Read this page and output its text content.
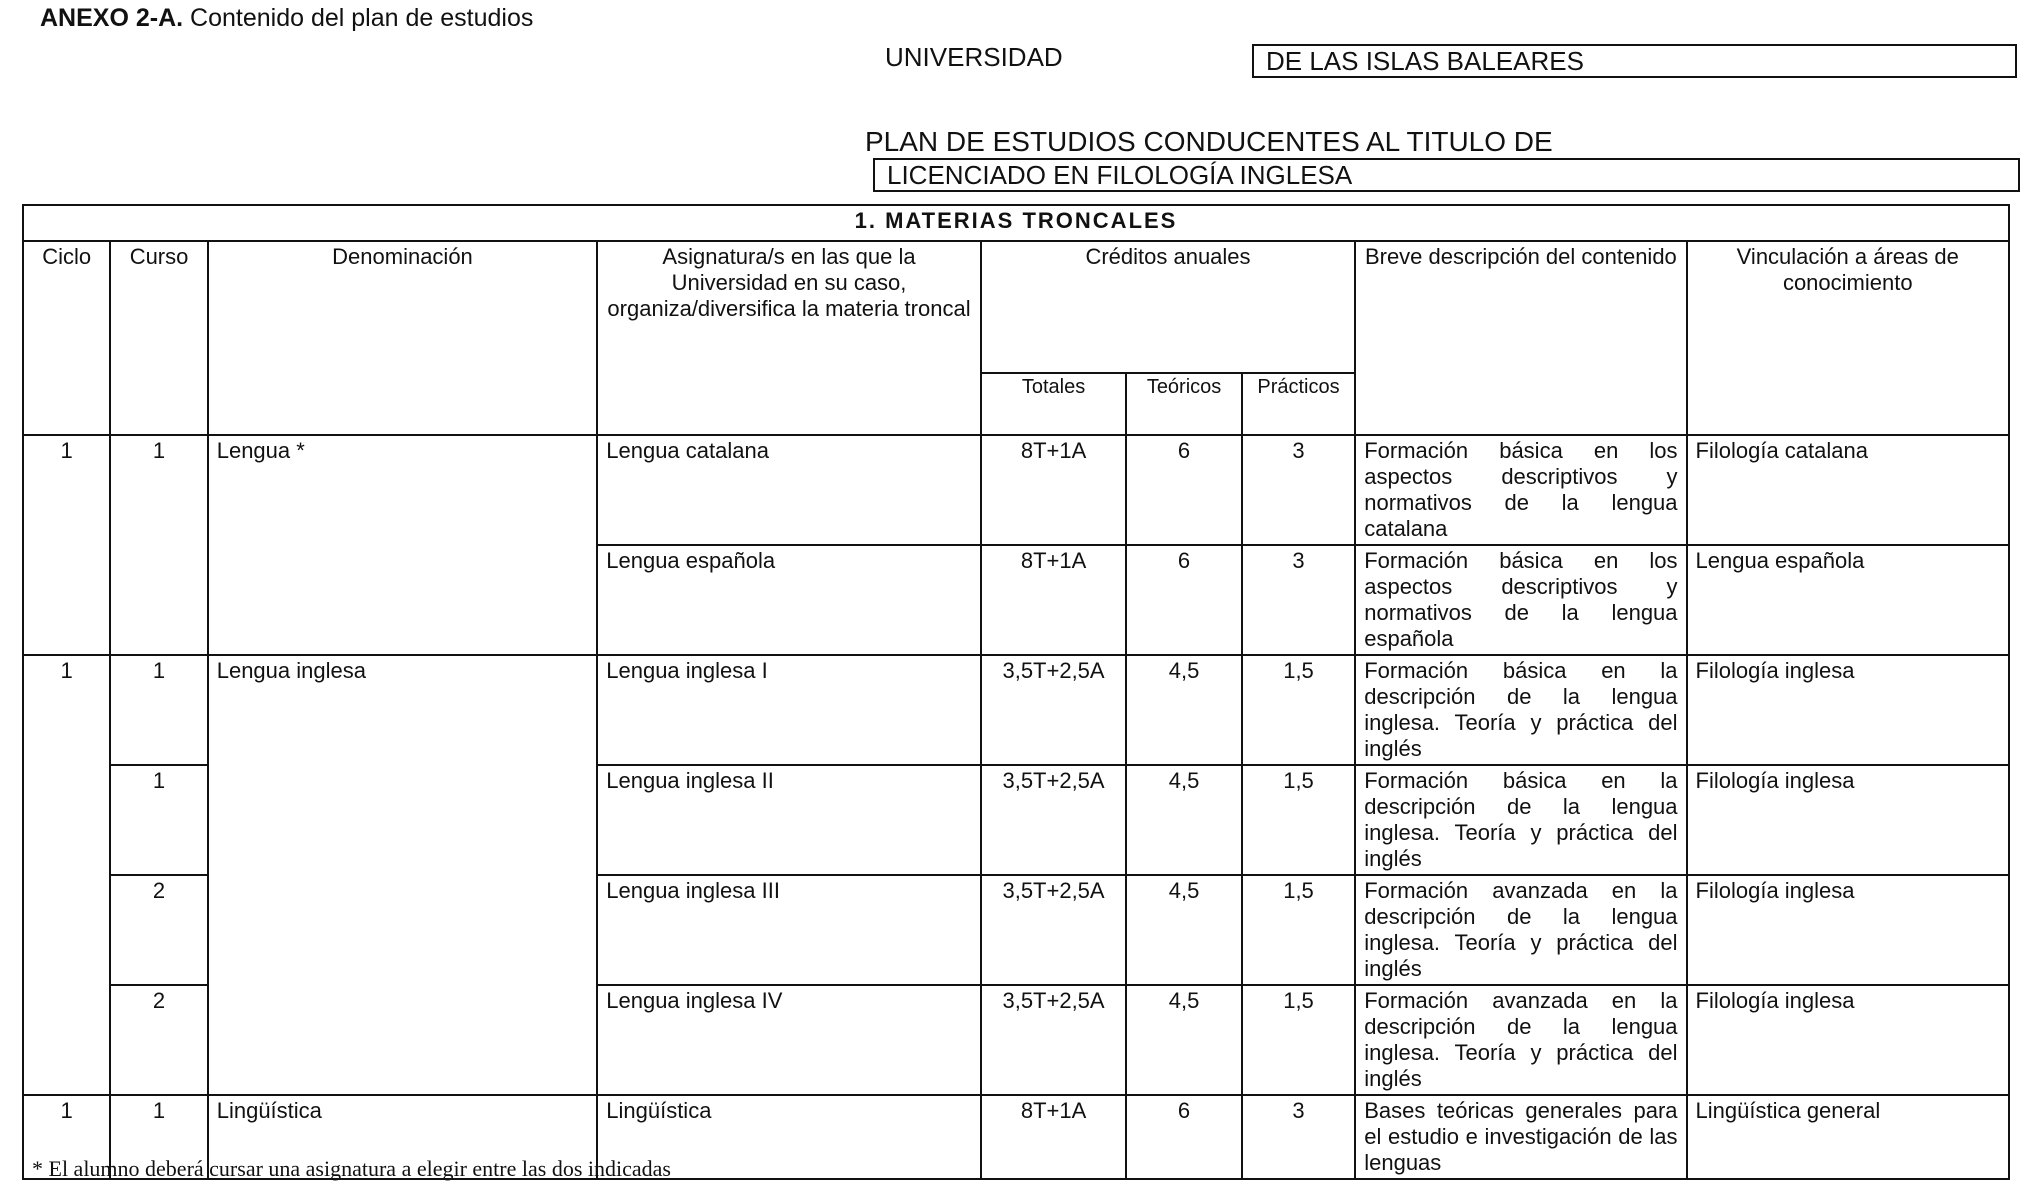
ANEXO 2-A. Contenido del plan de estudios
UNIVERSIDAD	DE LAS ISLAS BALEARES
PLAN DE ESTUDIOS CONDUCENTES AL TITULO DE
LICENCIADO EN FILOLOGÍA INGLESA
1. MATERIAS TRONCALES								
Ciclo	Curso	Denominación	Asignatura/s en las que la Universidad en su caso, organiza/diversifica la materia troncal	Créditos anuales			Breve descripción del contenido	Vinculación a áreas de conocimiento
				Totales	Teóricos	Prácticos		
1	1	Lengua *	Lengua catalana	8T+1A	6	3	Formación básica en los aspectos descriptivos y normativos de la lengua catalana	Filología catalana
			Lengua española	8T+1A	6	3	Formación básica en los aspectos descriptivos y normativos de la lengua española	Lengua española
1	1	Lengua inglesa	Lengua inglesa I	3,5T+2,5A	4,5	1,5	Formación básica en la descripción de la lengua inglesa. Teoría y práctica del inglés	Filología inglesa
	1		Lengua inglesa II	3,5T+2,5A	4,5	1,5	Formación básica en la descripción de la lengua inglesa. Teoría y práctica del inglés	Filología inglesa
	2		Lengua inglesa III	3,5T+2,5A	4,5	1,5	Formación avanzada en la descripción de la lengua inglesa. Teoría y práctica del inglés	Filología inglesa
	2		Lengua inglesa IV	3,5T+2,5A	4,5	1,5	Formación avanzada en la descripción de la lengua inglesa. Teoría y práctica del inglés	Filología inglesa
1	1	Lingüística	Lingüística	8T+1A	6	3	Bases teóricas generales para el estudio e investigación de las lenguas	Lingüística general
* El alumno deberá cursar una asignatura a elegir entre las dos indicadas
